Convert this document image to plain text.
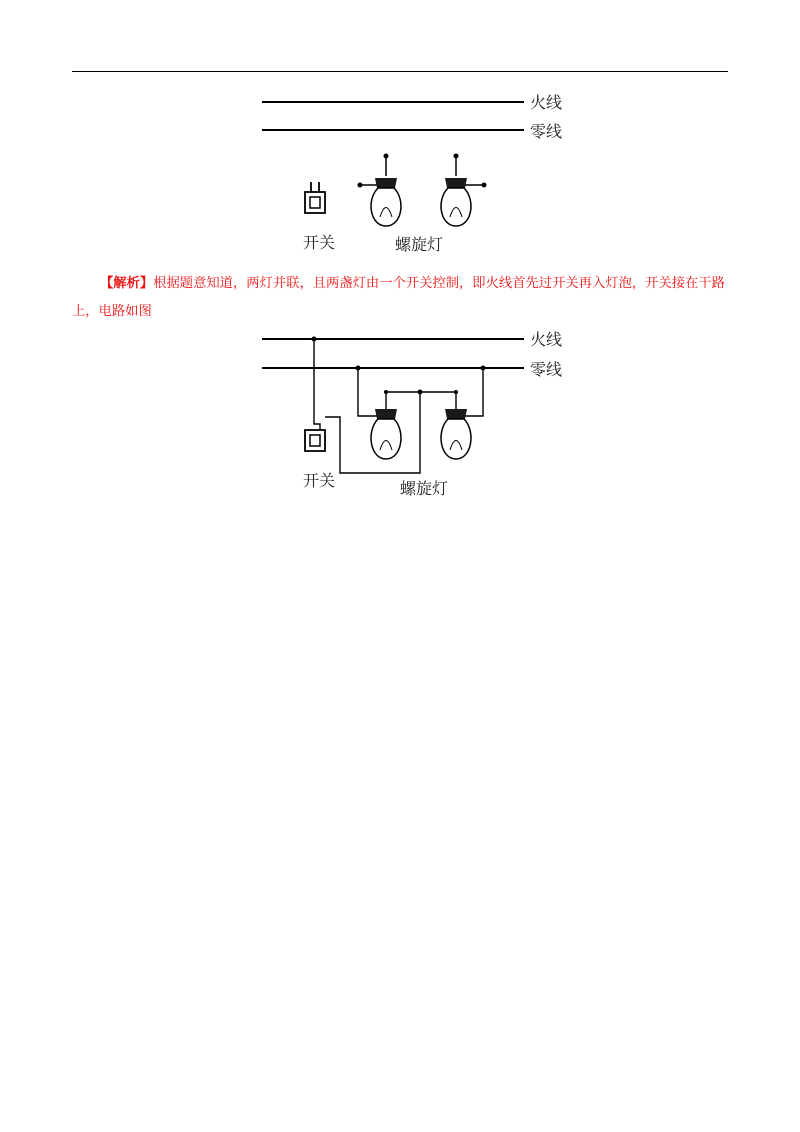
火线
零线
开关	螺旋灯
【解析】根据题意知道，两灯并联，且两盏灯由一个开关控制，即火线首先过开关再入灯泡，开关接在干路上，电路如图
火线
零线
开关	螺旋灯
